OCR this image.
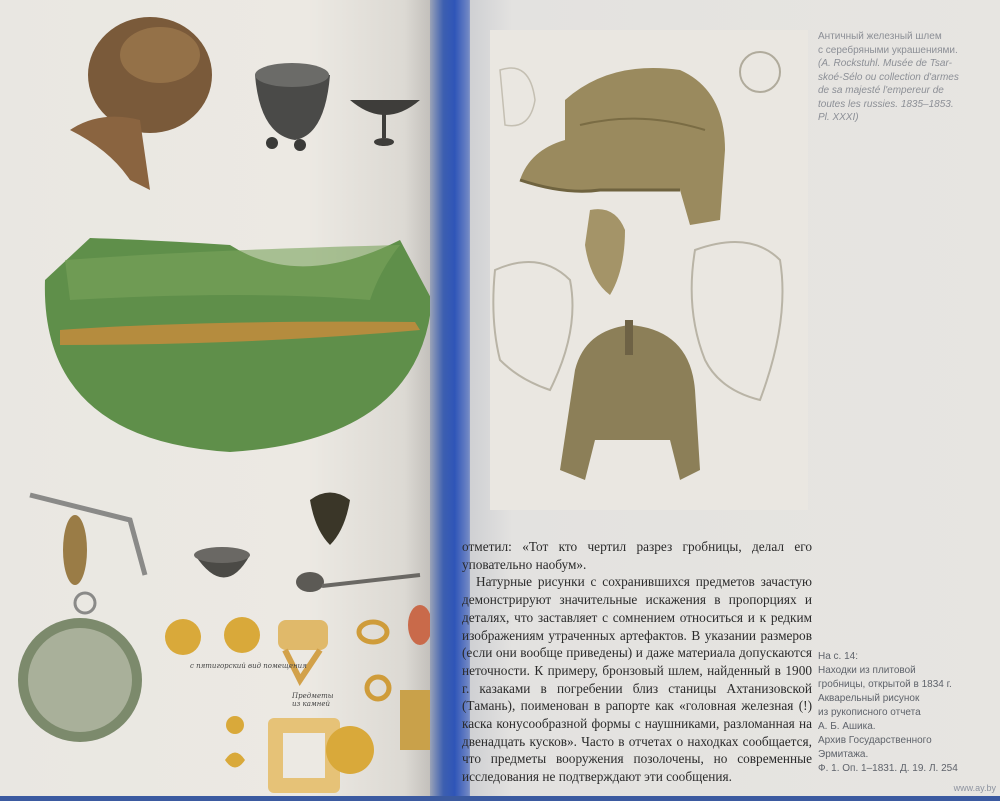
с пятигорский вид помещения
Предметы из камней
Античный железный шлем
с серебряными украшениями.
(A. Rockstuhl. Musée de Tsar-
skoé-Sélo ou collection d'armes
de sa majesté l'empereur de
toutes les russies. 1835–1853.
Pl. XXXI)

отметил: «Тот кто чертил разрез гробницы, делал его уповательно наобум».

Натурные рисунки с сохранившихся предметов зачастую демонстрируют значительные искажения в пропорциях и деталях, что заставляет с сомнением относиться и к редким изображениям утраченных артефактов. В указании размеров (если они вообще приведены) и даже материала допускаются неточности. К примеру, бронзовый шлем, найденный в 1900 г. казаками в погребении близ станицы Ахтанизовской (Тамань), поименован в рапорте как «головная железная (!) каска конусообразной формы с наушниками, разломанная на двенадцать кусков». Часто в отчетах о находках сообщается, что предметы вооружения позолочены, но современные исследования не подтверждают эти сообщения.

На с. 14:
Находки из плитовой
гробницы, открытой в 1834 г.
Акварельный рисунок
из рукописного отчета
А. Б. Ашика.
Архив Государственного
Эрмитажа.
Ф. 1. Оп. 1–1831. Д. 19. Л. 254
www.ay.by
